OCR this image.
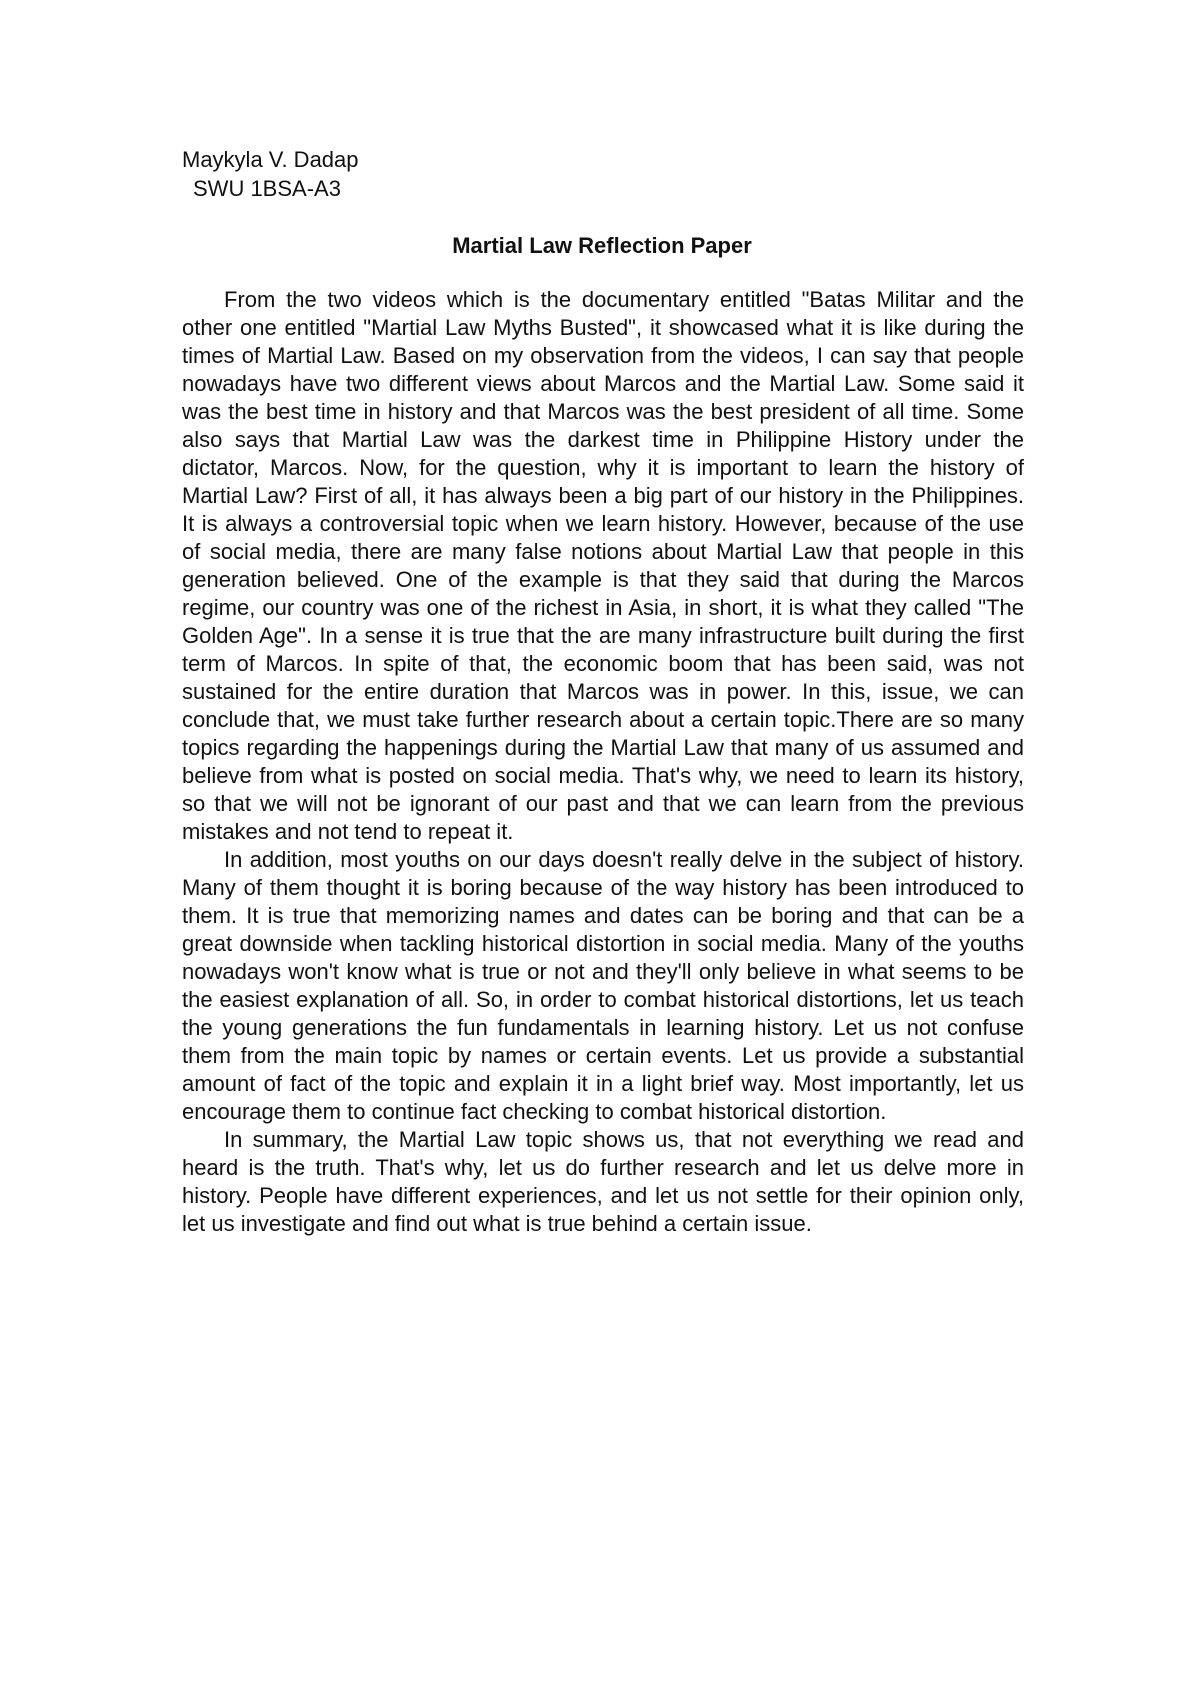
Maykyla V. Dadap
SWU 1BSA-A3
Martial Law Reflection Paper

From the two videos which is the documentary entitled "Batas Militar and the other one entitled "Martial Law Myths Busted", it showcased what it is like during the times of Martial Law. Based on my observation from the videos, I can say that people nowadays have two different views about Marcos and the Martial Law. Some said it was the best time in history and that Marcos was the best president of all time. Some also says that Martial Law was the darkest time in Philippine History under the dictator, Marcos. Now, for the question, why it is important to learn the history of Martial Law? First of all, it has always been a big part of our history in the Philippines. It is always a controversial topic when we learn history. However, because of the use of social media, there are many false notions about Martial Law that people in this generation believed. One of the example is that they said that during the Marcos regime, our country was one of the richest in Asia, in short, it is what they called "The Golden Age". In a sense it is true that the are many infrastructure built during the first term of Marcos. In spite of that, the economic boom that has been said, was not sustained for the entire duration that Marcos was in power. In this, issue, we can conclude that, we must take further research about a certain topic.There are so many topics regarding the happenings during the Martial Law that many of us assumed and believe from what is posted on social media. That's why, we need to learn its history, so that we will not be ignorant of our past and that we can learn from the previous mistakes and not tend to repeat it.

In addition, most youths on our days doesn't really delve in the subject of history. Many of them thought it is boring because of the way history has been introduced to them. It is true that memorizing names and dates can be boring and that can be a great downside when tackling historical distortion in social media. Many of the youths nowadays won't know what is true or not and they'll only believe in what seems to be the easiest explanation of all. So, in order to combat historical distortions, let us teach the young generations the fun fundamentals in learning history. Let us not confuse them from the main topic by names or certain events. Let us provide a substantial amount of fact of the topic and explain it in a light brief way. Most importantly, let us encourage them to continue fact checking to combat historical distortion.

In summary, the Martial Law topic shows us, that not everything we read and heard is the truth. That's why, let us do further research and let us delve more in history. People have different experiences, and let us not settle for their opinion only, let us investigate and find out what is true behind a certain issue.
